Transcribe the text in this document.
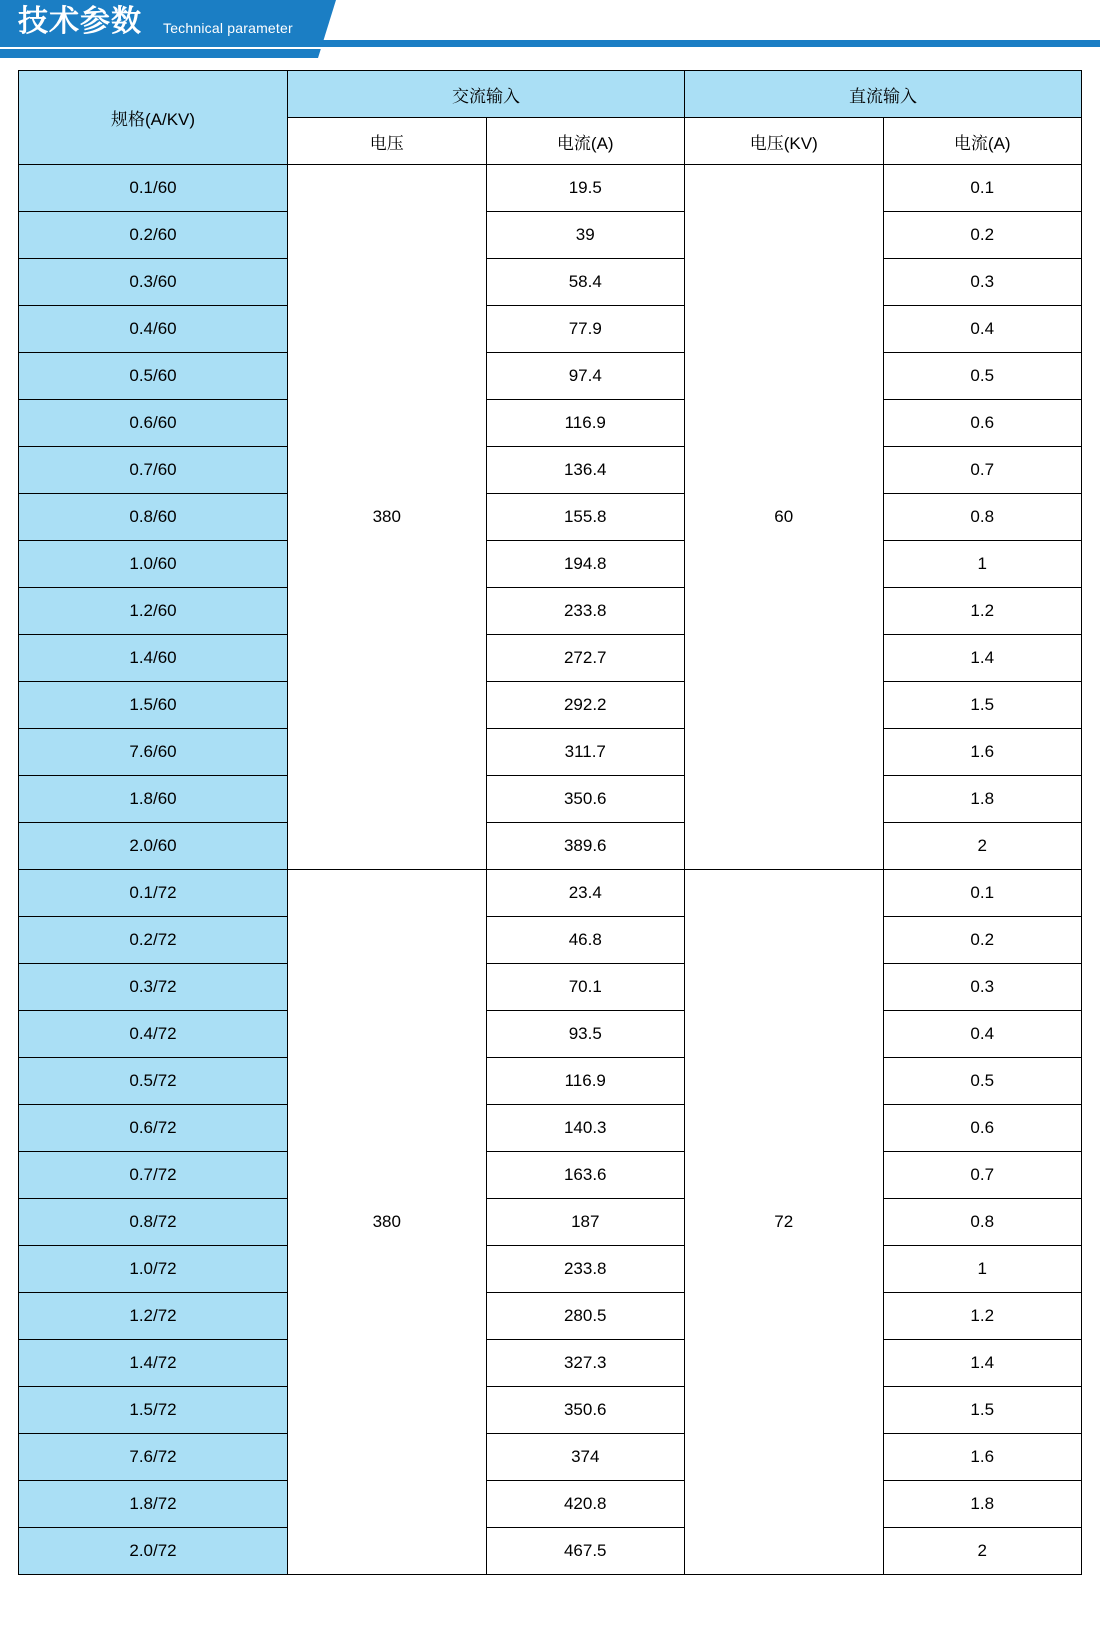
技术参数 Technical parameter
规格(A/KV)	交流输入		直流输入	
	电压	电流(A)	电压(KV)	电流(A)
0.1/60	380	19.5	60	0.1
0.2/60		39		0.2
0.3/60		58.4		0.3
0.4/60		77.9		0.4
0.5/60		97.4		0.5
0.6/60		116.9		0.6
0.7/60		136.4		0.7
0.8/60		155.8		0.8
1.0/60		194.8		1
1.2/60		233.8		1.2
1.4/60		272.7		1.4
1.5/60		292.2		1.5
7.6/60		311.7		1.6
1.8/60		350.6		1.8
2.0/60		389.6		2
0.1/72	380	23.4	72	0.1
0.2/72		46.8		0.2
0.3/72		70.1		0.3
0.4/72		93.5		0.4
0.5/72		116.9		0.5
0.6/72		140.3		0.6
0.7/72		163.6		0.7
0.8/72		187		0.8
1.0/72		233.8		1
1.2/72		280.5		1.2
1.4/72		327.3		1.4
1.5/72		350.6		1.5
7.6/72		374		1.6
1.8/72		420.8		1.8
2.0/72		467.5		2
